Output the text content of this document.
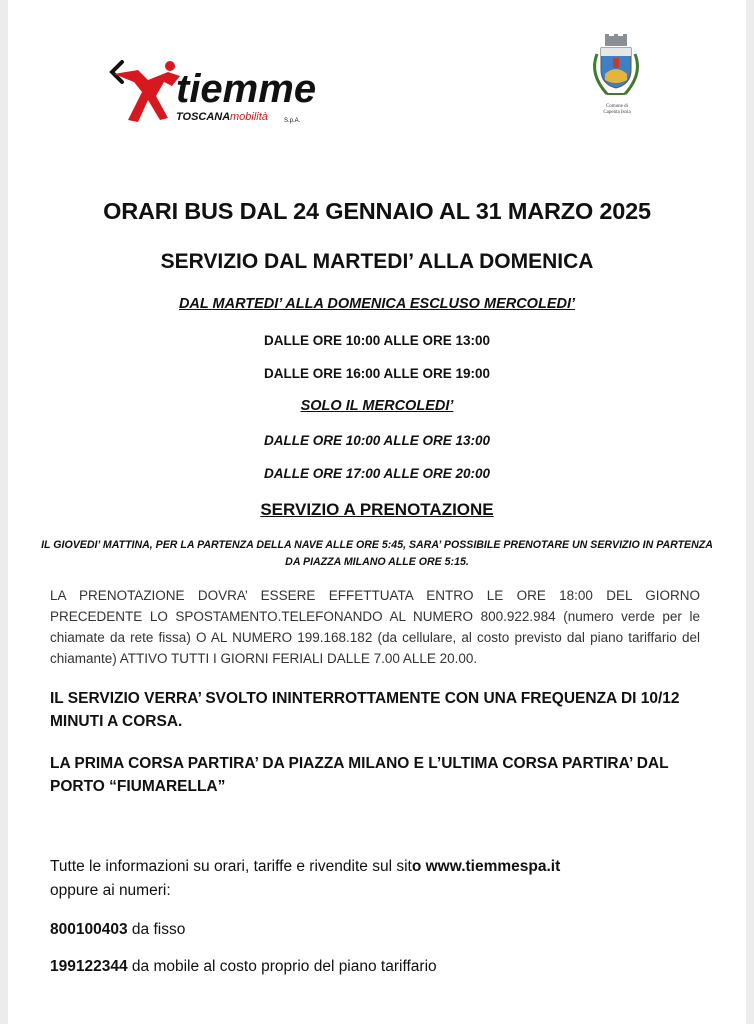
tiemme
TOSCANA mobilità	S.p.A.
Comune di
Capenta Isola
ORARI BUS DAL 24 GENNAIO AL 31 MARZO 2025
SERVIZIO DAL MARTEDI’ ALLA DOMENICA
DAL MARTEDI’ ALLA DOMENICA ESCLUSO MERCOLEDI’
DALLE ORE 10:00 ALLE ORE 13:00
DALLE ORE 16:00 ALLE ORE 19:00
SOLO IL MERCOLEDI’
DALLE ORE 10:00 ALLE ORE 13:00
DALLE ORE 17:00 ALLE ORE 20:00
SERVIZIO A PRENOTAZIONE
IL GIOVEDI’ MATTINA, PER LA PARTENZA DELLA NAVE ALLE ORE 5:45, SARA’ POSSIBILE PRENOTARE UN SERVIZIO IN PARTENZA DA PIAZZA MILANO ALLE ORE 5:15.
LA PRENOTAZIONE DOVRA’ ESSERE EFFETTUATA ENTRO LE ORE 18:00 DEL GIORNO PRECEDENTE LO SPOSTAMENTO.TELEFONANDO AL NUMERO 800.922.984 (numero verde per le chiamate da rete fissa) O AL NUMERO 199.168.182 (da cellulare, al costo previsto dal piano tariffario del chiamante) ATTIVO TUTTI I GIORNI FERIALI DALLE 7.00 ALLE 20.00.
IL SERVIZIO VERRA’ SVOLTO ININTERROTTAMENTE CON UNA FREQUENZA DI 10/12 MINUTI A CORSA.
LA PRIMA CORSA PARTIRA’ DA PIAZZA MILANO E L’ULTIMA CORSA PARTIRA’ DAL PORTO “FIUMARELLA”
Tutte le informazioni su orari, tariffe e rivendite sul sito www.tiemmespa.it
oppure ai numeri:
800100403 da fisso
199122344 da mobile al costo proprio del piano tariffario
